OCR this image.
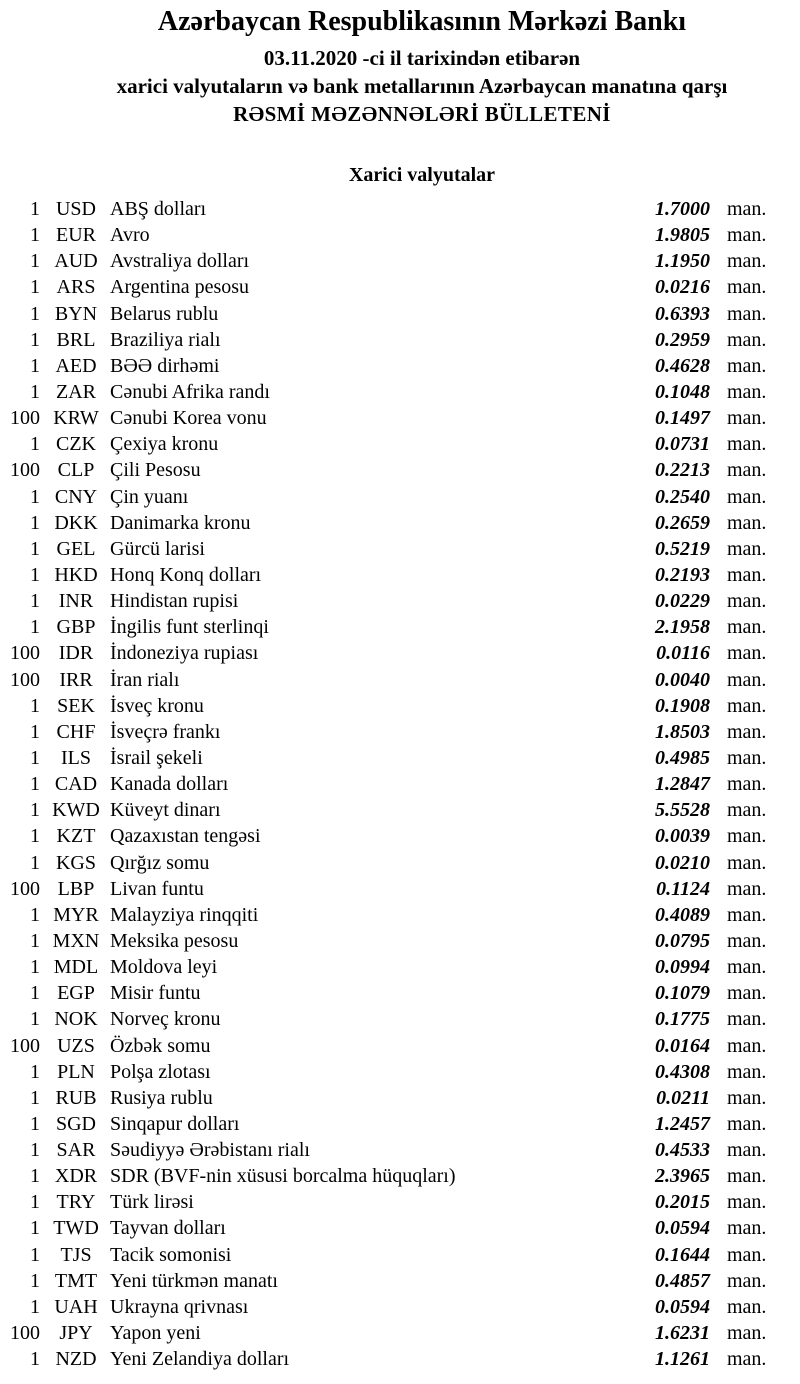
Azərbaycan Respublikasının Mərkəzi Bankı
03.11.2020 -ci il tarixindən etibarən
xarici valyutaların və bank metallarının Azərbaycan manatına qarşı
RƏSMİ MƏZƏNNƏLƏRİ BÜLLETENİ
Xarici valyutalar
1 USD ABŞ dolları	1.7000 man.
1 EUR Avro	1.9805 man.
1 AUD Avstraliya dolları	1.1950 man.
1 ARS Argentina pesosu	0.0216 man.
1 BYN Belarus rublu	0.6393 man.
1 BRL Braziliya rialı	0.2959 man.
1 AED BƏƏ dirhəmi	0.4628 man.
1 ZAR Cənubi Afrika randı	0.1048 man.
100 KRW Cənubi Korea vonu	0.1497 man.
1 CZK Çexiya kronu	0.0731 man.
100 CLP Çili Pesosu	0.2213 man.
1 CNY Çin yuanı	0.2540 man.
1 DKK Danimarka kronu	0.2659 man.
1 GEL Gürcü larisi	0.5219 man.
1 HKD Honq Konq dolları	0.2193 man.
1 INR Hindistan rupisi	0.0229 man.
1 GBP İngilis funt sterlinqi	2.1958 man.
100 IDR İndoneziya rupiası	0.0116 man.
100 IRR İran rialı	0.0040 man.
1 SEK İsveç kronu	0.1908 man.
1 CHF İsveçrə frankı	1.8503 man.
1	ILS İsrail şekeli	0.4985 man.
1 CAD Kanada dolları	1.2847 man.
1 KWD Küveyt dinarı	5.5528 man.
1 KZT Qazaxıstan tengəsi	0.0039 man.
1 KGS Qırğız somu	0.0210 man.
100 LBP Livan funtu	0.1124 man.
1 MYR Malayziya rinqqiti	0.4089 man.
1 MXN Meksika pesosu	0.0795 man.
1 MDL Moldova leyi	0.0994 man.
1 EGP Misir funtu	0.1079 man.
1 NOK Norveç kronu	0.1775 man.
100 UZS Özbək somu	0.0164 man.
1 PLN Polşa zlotası	0.4308 man.
1 RUB Rusiya rublu	0.0211 man.
1 SGD Sinqapur dolları	1.2457 man.
1 SAR Səudiyyə Ərəbistanı rialı	0.4533 man.
1 XDR SDR (BVF-nin xüsusi borcalma hüquqları)	2.3965 man.
1 TRY Türk lirəsi	0.2015 man.
1 TWD Tayvan dolları	0.0594 man.
1	TJS Tacik somonisi	0.1644 man.
1 TMT Yeni türkmən manatı	0.4857 man.
1 UAH Ukrayna qrivnası	0.0594 man.
100 JPY Yapon yeni	1.6231 man.
1 NZD Yeni Zelandiya dolları	1.1261 man.
